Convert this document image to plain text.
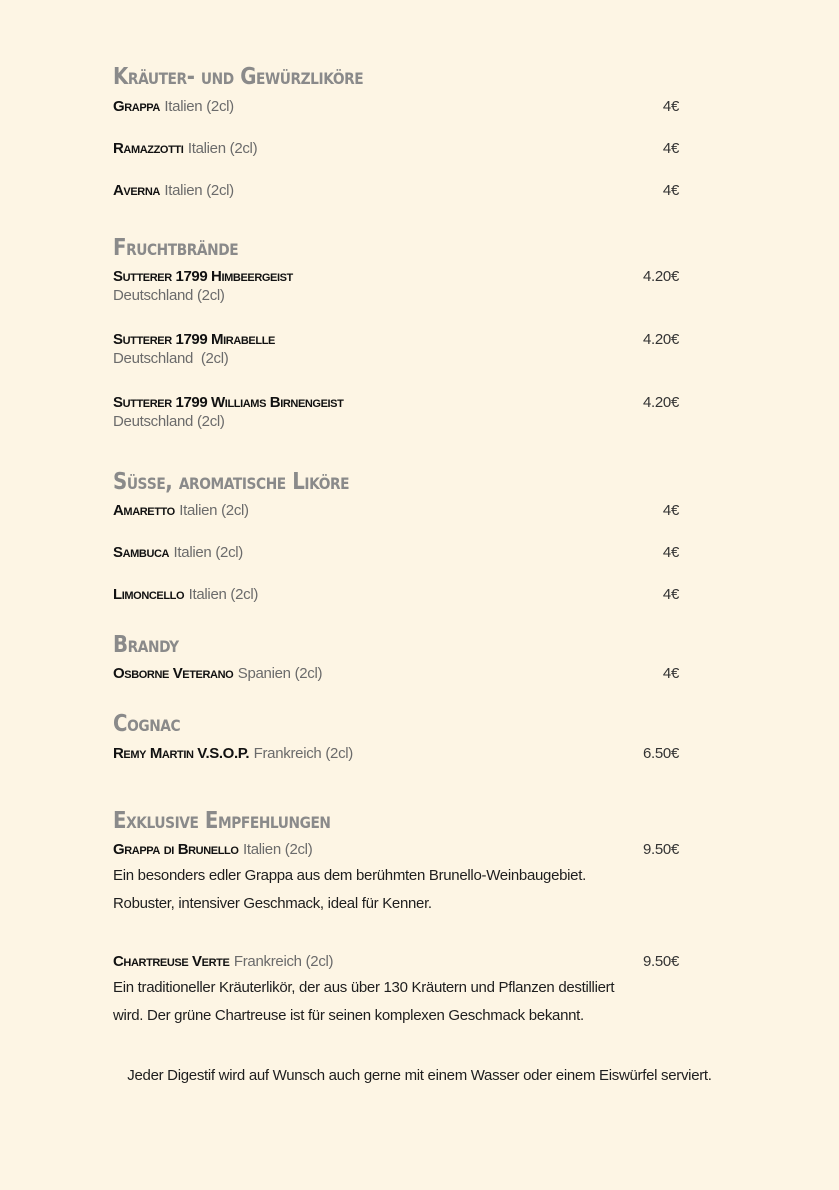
Kräuter- und Gewürzliköre
Grappa Italien (2cl)	4€
Ramazzotti Italien (2cl)	4€
Averna Italien (2cl)	4€
Fruchtbrände
Sutterer 1799 Himbeergeist	4.20€
Deutschland (2cl)
Sutterer 1799 Mirabelle	4.20€
Deutschland  (2cl)
Sutterer 1799 Williams Birnengeist	4.20€
Deutschland (2cl)
Süße, aromatische Liköre
Amaretto Italien (2cl)	4€
Sambuca Italien (2cl)	4€
Limoncello Italien (2cl)	4€
Brandy
Osborne Veterano Spanien (2cl)	4€
Cognac
Remy Martin V.S.O.P. Frankreich (2cl)	6.50€
Exklusive Empfehlungen
Grappa di Brunello Italien (2cl)	9.50€
Ein besonders edler Grappa aus dem berühmten Brunello-Weinbaugebiet.
Robuster, intensiver Geschmack, ideal für Kenner.
Chartreuse Verte Frankreich (2cl)	9.50€
Ein traditioneller Kräuterlikör, der aus über 130 Kräutern und Pflanzen destilliert
wird. Der grüne Chartreuse ist für seinen komplexen Geschmack bekannt.
Jeder Digestif wird auf Wunsch auch gerne mit einem Wasser oder einem Eiswürfel serviert.
